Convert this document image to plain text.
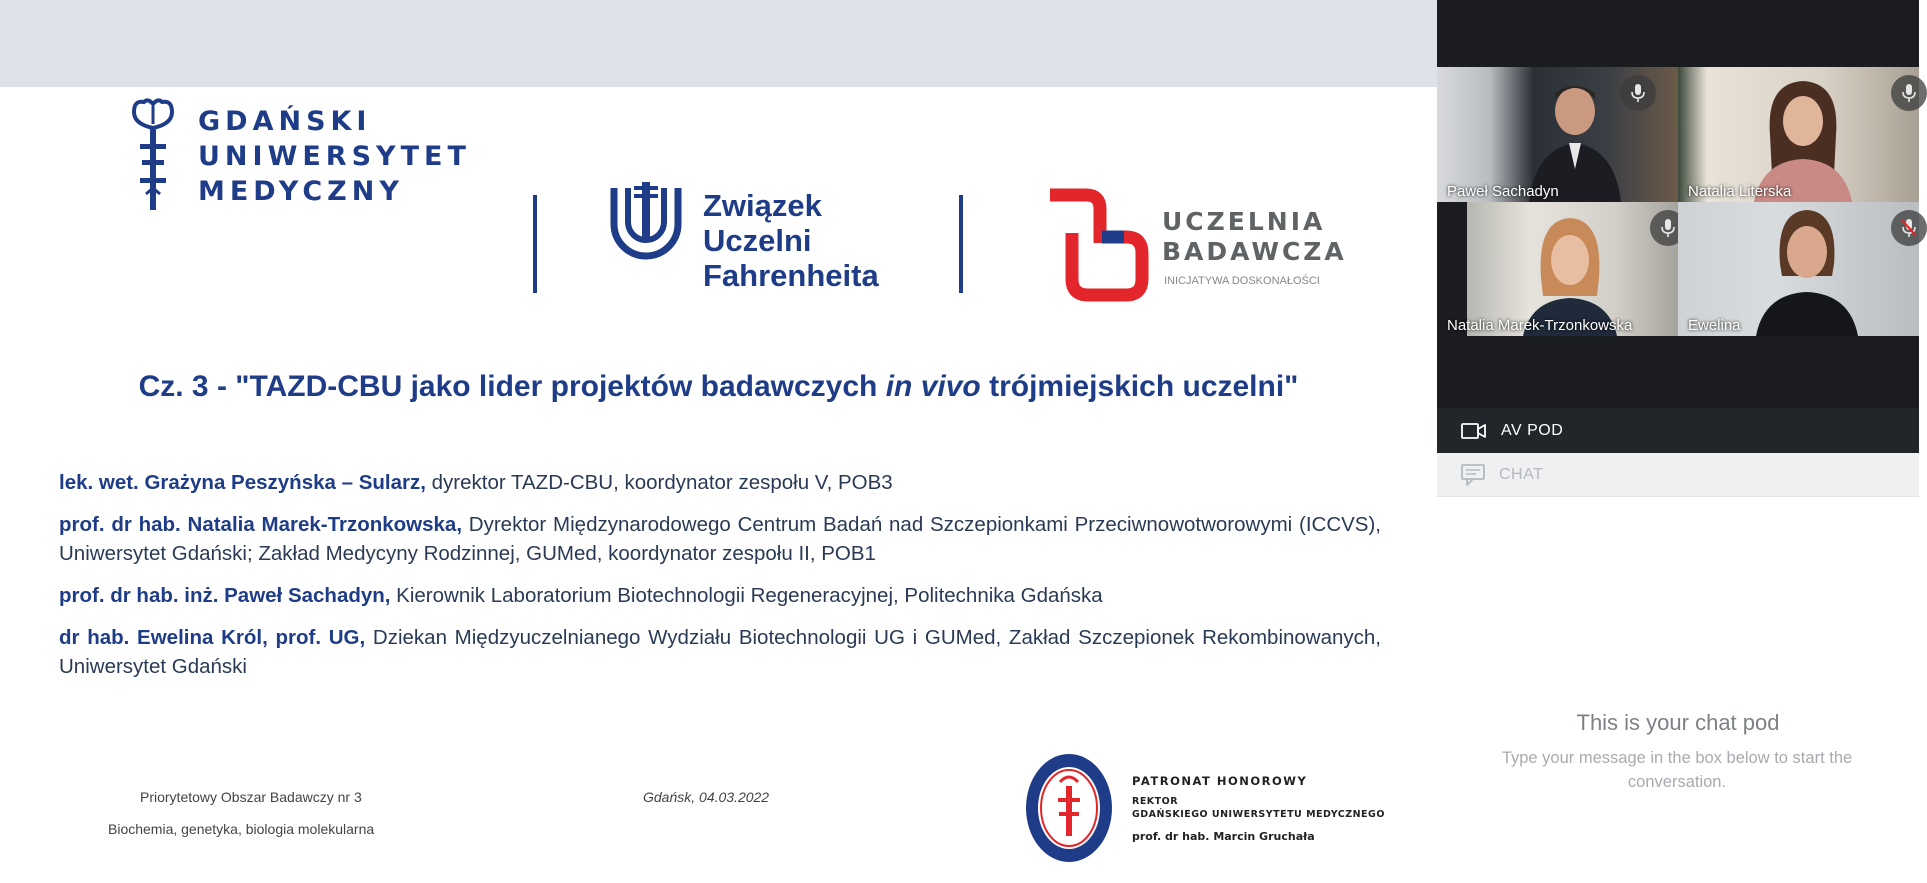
GDAŃSKI
UNIWERSYTET
MEDYCZNY	Związek
Uczelni
Fahrenheita
UCZELNIA
BADAWCZA
INICJATYWA DOSKONAŁOŚCI
Cz. 3 - "TAZD-CBU jako lider projektów badawczych in vivo trójmiejskich uczelni"

lek. wet. Grażyna Peszyńska – Sularz, dyrektor TAZD-CBU, koordynator zespołu V, POB3

prof. dr hab. Natalia Marek-Trzonkowska, Dyrektor Międzynarodowego Centrum Badań nad Szczepionkami Przeciwnowotworowymi (ICCVS), Uniwersytet Gdański; Zakład Medycyny Rodzinnej, GUMed, koordynator zespołu II, POB1

prof. dr hab. inż. Paweł Sachadyn, Kierownik Laboratorium Biotechnologii Regeneracyjnej, Politechnika Gdańska

dr hab. Ewelina Król, prof. UG, Dziekan Międzyuczelnianego Wydziału Biotechnologii UG i GUMed, Zakład Szczepionek Rekombinowanych, Uniwersytet Gdański

Priorytetowy Obszar Badawczy nr 3
Biochemia, genetyka, biologia molekularna
Gdańsk, 04.03.2022
PATRONAT HONOROWY
REKTOR
GDAŃSKIEGO UNIWERSYTETU MEDYCZNEGO
prof. dr hab. Marcin Gruchała
Paweł Sachadyn	Natalia Literska
Natalia Marek-Trzonkowska	Ewelina
AV POD
CHAT
This is your chat pod
Type your message in the box below to start the conversation.
